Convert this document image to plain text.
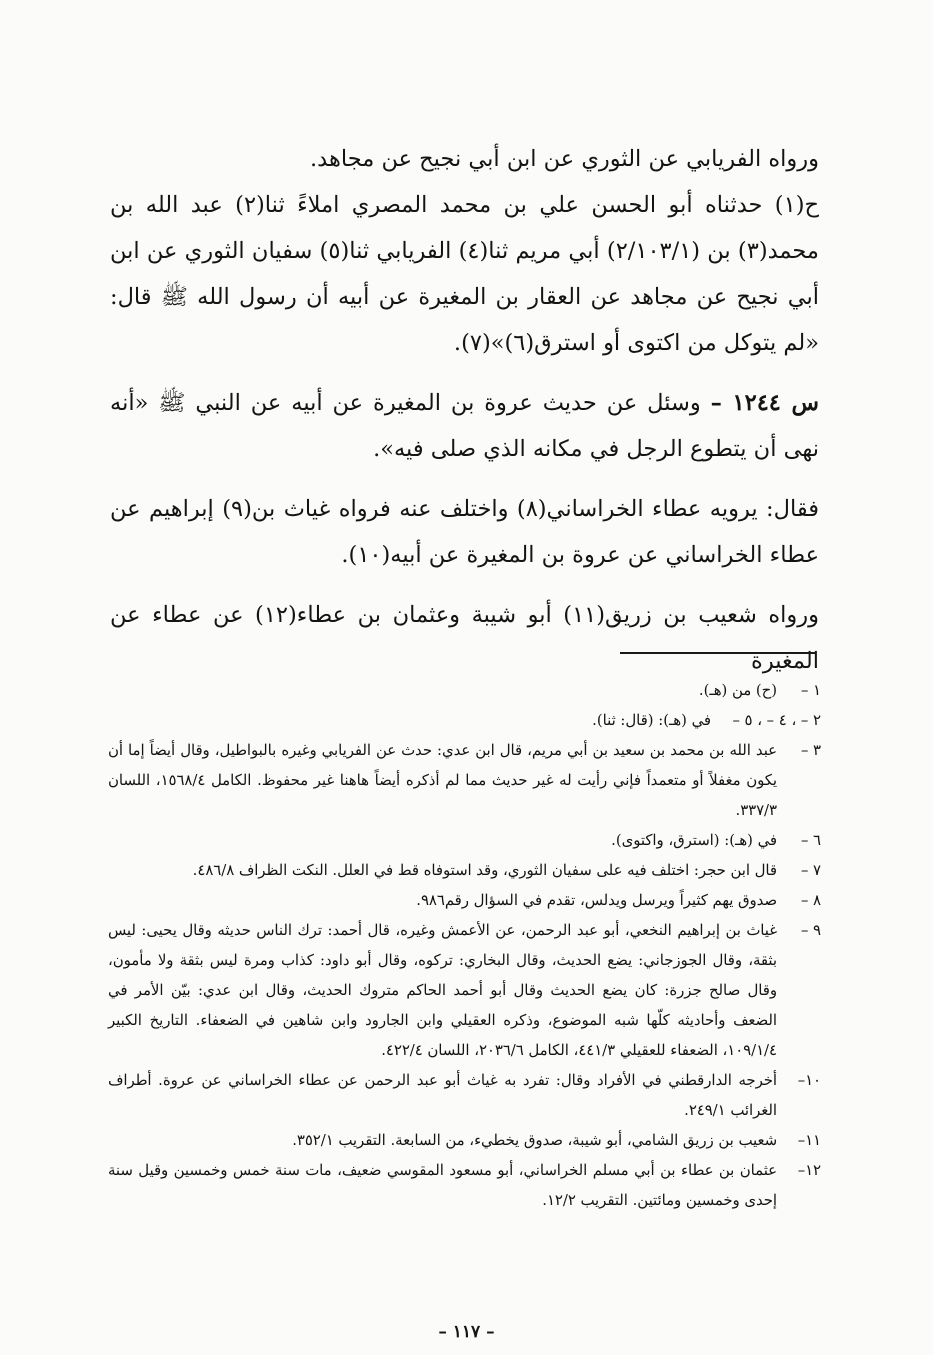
ورواه الفريابي عن الثوري عن ابن أبي نجيح عن مجاهد.

ح(١) حدثناه أبو الحسن علي بن محمد المصري املاءً ثنا(٢) عبد الله بن محمد(٣) بن (٢/١٠٣/١) أبي مريم ثنا(٤) الفريابي ثنا(٥) سفيان الثوري عن ابن أبي نجيح عن مجاهد عن العقار بن المغيرة عن أبيه أن رسول الله ﷺ قال: «لم يتوكل من اكتوى أو استرق(٦)»(٧).

س ١٢٤٤ – وسئل عن حديث عروة بن المغيرة عن أبيه عن النبي ﷺ «أنه نهى أن يتطوع الرجل في مكانه الذي صلى فيه».

فقال: يرويه عطاء الخراساني(٨) واختلف عنه فرواه غياث بن(٩) إبراهيم عن عطاء الخراساني عن عروة بن المغيرة عن أبيه(١٠).

ورواه شعيب بن زريق(١١) أبو شيبة وعثمان بن عطاء(١٢) عن عطاء عن المغيرة

١ –
(ح) من (هـ).
٢ – ، ٤ – ، ٥ –
في (هـ): (قال: ثنا).
٣ –
عبد الله بن محمد بن سعيد بن أبي مريم، قال ابن عدي: حدث عن الفريابي وغيره بالبواطيل، وقال أيضاً إما أن يكون مغفلاً أو متعمداً فإني رأيت له غير حديث مما لم أذكره أيضاً هاهنا غير محفوظ. الكامل ١٥٦٨/٤، اللسان ٣٣٧/٣.
٦ –
في (هـ): (استرق، واكتوى).
٧ –
قال ابن حجر: اختلف فيه على سفيان الثوري، وقد استوفاه قط في العلل. النكت الظراف ٤٨٦/٨.
٨ –
صدوق يهم كثيراً ويرسل ويدلس، تقدم في السؤال رقم٩٨٦.
٩ –
غياث بن إبراهيم النخعي، أبو عبد الرحمن، عن الأعمش وغيره، قال أحمد: ترك الناس حديثه وقال يحيى: ليس بثقة، وقال الجوزجاني: يضع الحديث، وقال البخاري: تركوه، وقال أبو داود: كذاب ومرة ليس بثقة ولا مأمون، وقال صالح جزرة: كان يضع الحديث وقال أبو أحمد الحاكم متروك الحديث، وقال ابن عدي: بيّن الأمر في الضعف وأحاديثه كلّها شبه الموضوع، وذكره العقيلي وابن الجارود وابن شاهين في الضعفاء. التاريخ الكبير ١٠٩/١/٤، الضعفاء للعقيلي ٤٤١/٣، الكامل ٢٠٣٦/٦، اللسان ٤٢٢/٤.
١٠–
أخرجه الدارقطني في الأفراد وقال: تفرد به غياث أبو عبد الرحمن عن عطاء الخراساني عن عروة. أطراف الغرائب ٢٤٩/١.
١١–
شعيب بن زريق الشامي، أبو شيبة، صدوق يخطيء، من السابعة. التقريب ٣٥٢/١.
١٢–
عثمان بن عطاء بن أبي مسلم الخراساني، أبو مسعود المقوسي ضعيف، مات سنة خمس وخمسين وقيل سنة إحدى وخمسين ومائتين. التقريب ١٢/٢.
– ١١٧ –
